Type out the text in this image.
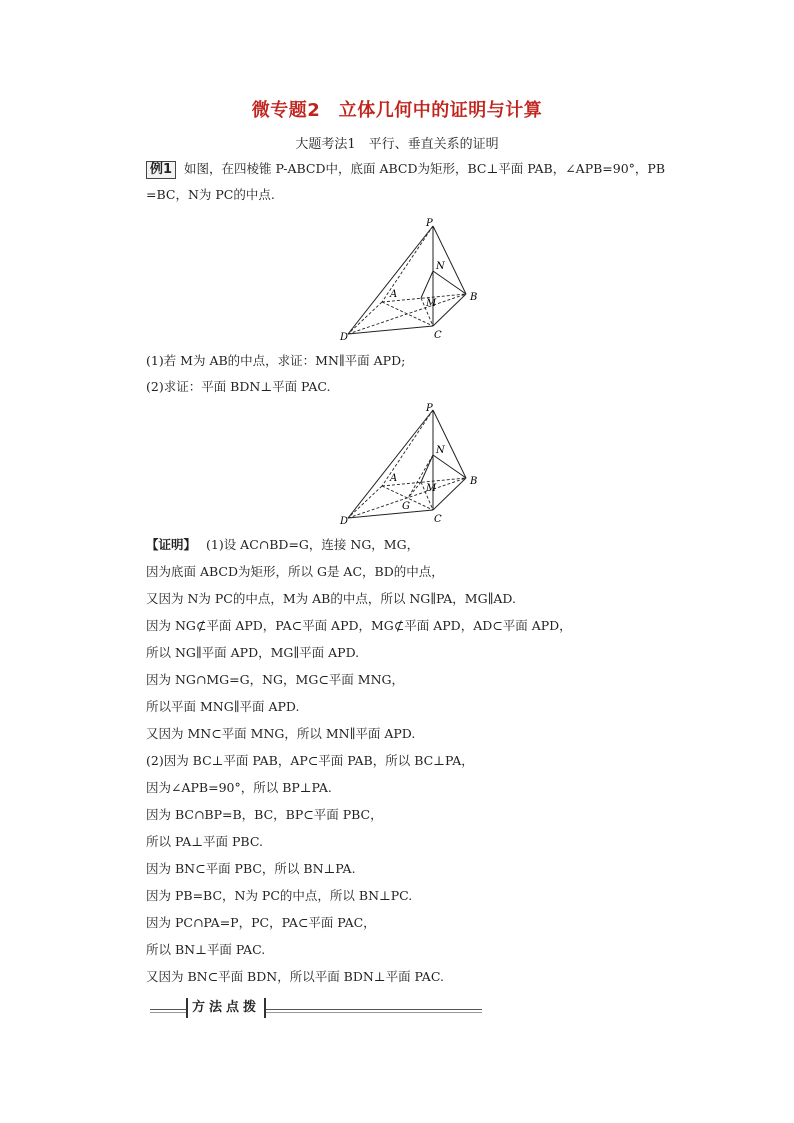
微专题2　立体几何中的证明与计算
大题考法1　平行、垂直关系的证明
例1 如图，在四棱锥 P-ABCD中，底面 ABCD为矩形，BC⊥平面 PAB，∠APB=90°，PB
=BC，N为 PC的中点.
P
N
A
M
B
D	C
(1)若 M为 AB的中点，求证：MN∥平面 APD;
(2)求证：平面 BDN⊥平面 PAC.
P
N
A
M
G
B
D	C
【证明】 (1)设 AC∩BD=G，连接 NG，MG，
因为底面 ABCD为矩形，所以 G是 AC，BD的中点，
又因为 N为 PC的中点，M为 AB的中点，所以 NG∥PA，MG∥AD.
因为 NG⊄平面 APD，PA⊂平面 APD，MG⊄平面 APD，AD⊂平面 APD，
所以 NG∥平面 APD，MG∥平面 APD.
因为 NG∩MG=G，NG，MG⊂平面 MNG，
所以平面 MNG∥平面 APD.
又因为 MN⊂平面 MNG，所以 MN∥平面 APD.
(2)因为 BC⊥平面 PAB，AP⊂平面 PAB，所以 BC⊥PA，
因为∠APB=90°，所以 BP⊥PA.
因为 BC∩BP=B，BC，BP⊂平面 PBC，
所以 PA⊥平面 PBC.
因为 BN⊂平面 PBC，所以 BN⊥PA.
因为 PB=BC，N为 PC的中点，所以 BN⊥PC.
因为 PC∩PA=P，PC，PA⊂平面 PAC，
所以 BN⊥平面 PAC.
又因为 BN⊂平面 BDN，所以平面 BDN⊥平面 PAC.
方法点拨
